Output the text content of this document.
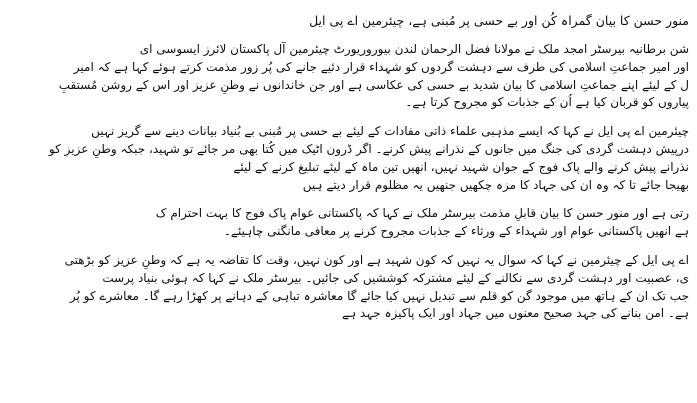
منور حسن کا بیان گمراہ کُن اور بے حسی پر مُبنی ہے، چیئرمین اے پی ایل
شن برطانیہ بیرسٹر امجد ملک نے مولانا فضل الرحمان لندن بیوروریورٹ چیئرمین آل پاکستان لائرز ایسوسی ای
اور امیر جماعتِ اسلامی کی طرف سے دہشت گردوں کو شہداء قرار دئیے جانے کی پُر زور مذمت کرتے ہوئے کہا ہے کہ امیر
ل کے لیئے اپنے جماعتِ اسلامی کا بیان شدید بے حسی کی عکاسی ہے اور جن خاندانوں نے وطنِ عزیز اور اس کے روشن مُستقبِ
پیاروں کو قربان کیا ہے اُن کے جذبات کو مجروح کرتا ہے۔
چیئرمین اے پی ایل نے کہا کہ ایسے مذہبی علماء ذاتی مفادات کے لیئے بے حسی پر مُبنی بے بُنیاد بیانات دینے سے گریز نہیں
درپیش دہشت گردی کی جنگ میں جانوں کے نذرانے پیش کرنے۔ اگر ڈرون اٹیک میں کُتا بھی مر جائے تو شہید، جبکہ وطنِ عزیز کو
نذرانے پیش کرنے والے پاک فوج کے جوان شہید نہیں، انھیں تین ماہ کے لیئے تبلیغ کرنے کے لیئے
بھیجا جائے تا کہ وہ ان کی جہاد کا مزہ چکھیں جنھیں یہ مظلوم قرار دیتے ہیں
رتی ہے اور منور حسن کا بیان قابلِ مذمت بیرسٹر ملک نے کہا کہ پاکستانی عوام پاک فوج کا بہت احترام ک
ہے انھیں پاکستانی عوام اور شہداء کے ورثاء کے جذبات مجروح کرنے پر معافی مانگنی چاہیئے۔
اے پی ایل کے چیئرمین نے کہا کہ سوال یہ نہیں کہ کون شہید ہے اور کون نہیں، وقت کا تقاضہ یہ ہے کہ وطنِ عزیز کو بڑھتی
ی، عصبیت اور دہشت گردی سے نکالنے کے لیئے مشترکہ کوششیں کی جائیں۔ بیرسٹر ملک نے کہا کہ ہوئی بنیاد پرست
جب تک ان کے ہاتھ میں موجود گن کو قلم سے تبدیل نہیں کیا جائے گا معاشرہ تباہی کے دہانے پر کھڑا رہے گا۔ معاشرے کو پُر
ہے۔ امن بنانے کی جہد صحیح معنوں میں جہاد اور ایک پاکیزہ جہد ہے
